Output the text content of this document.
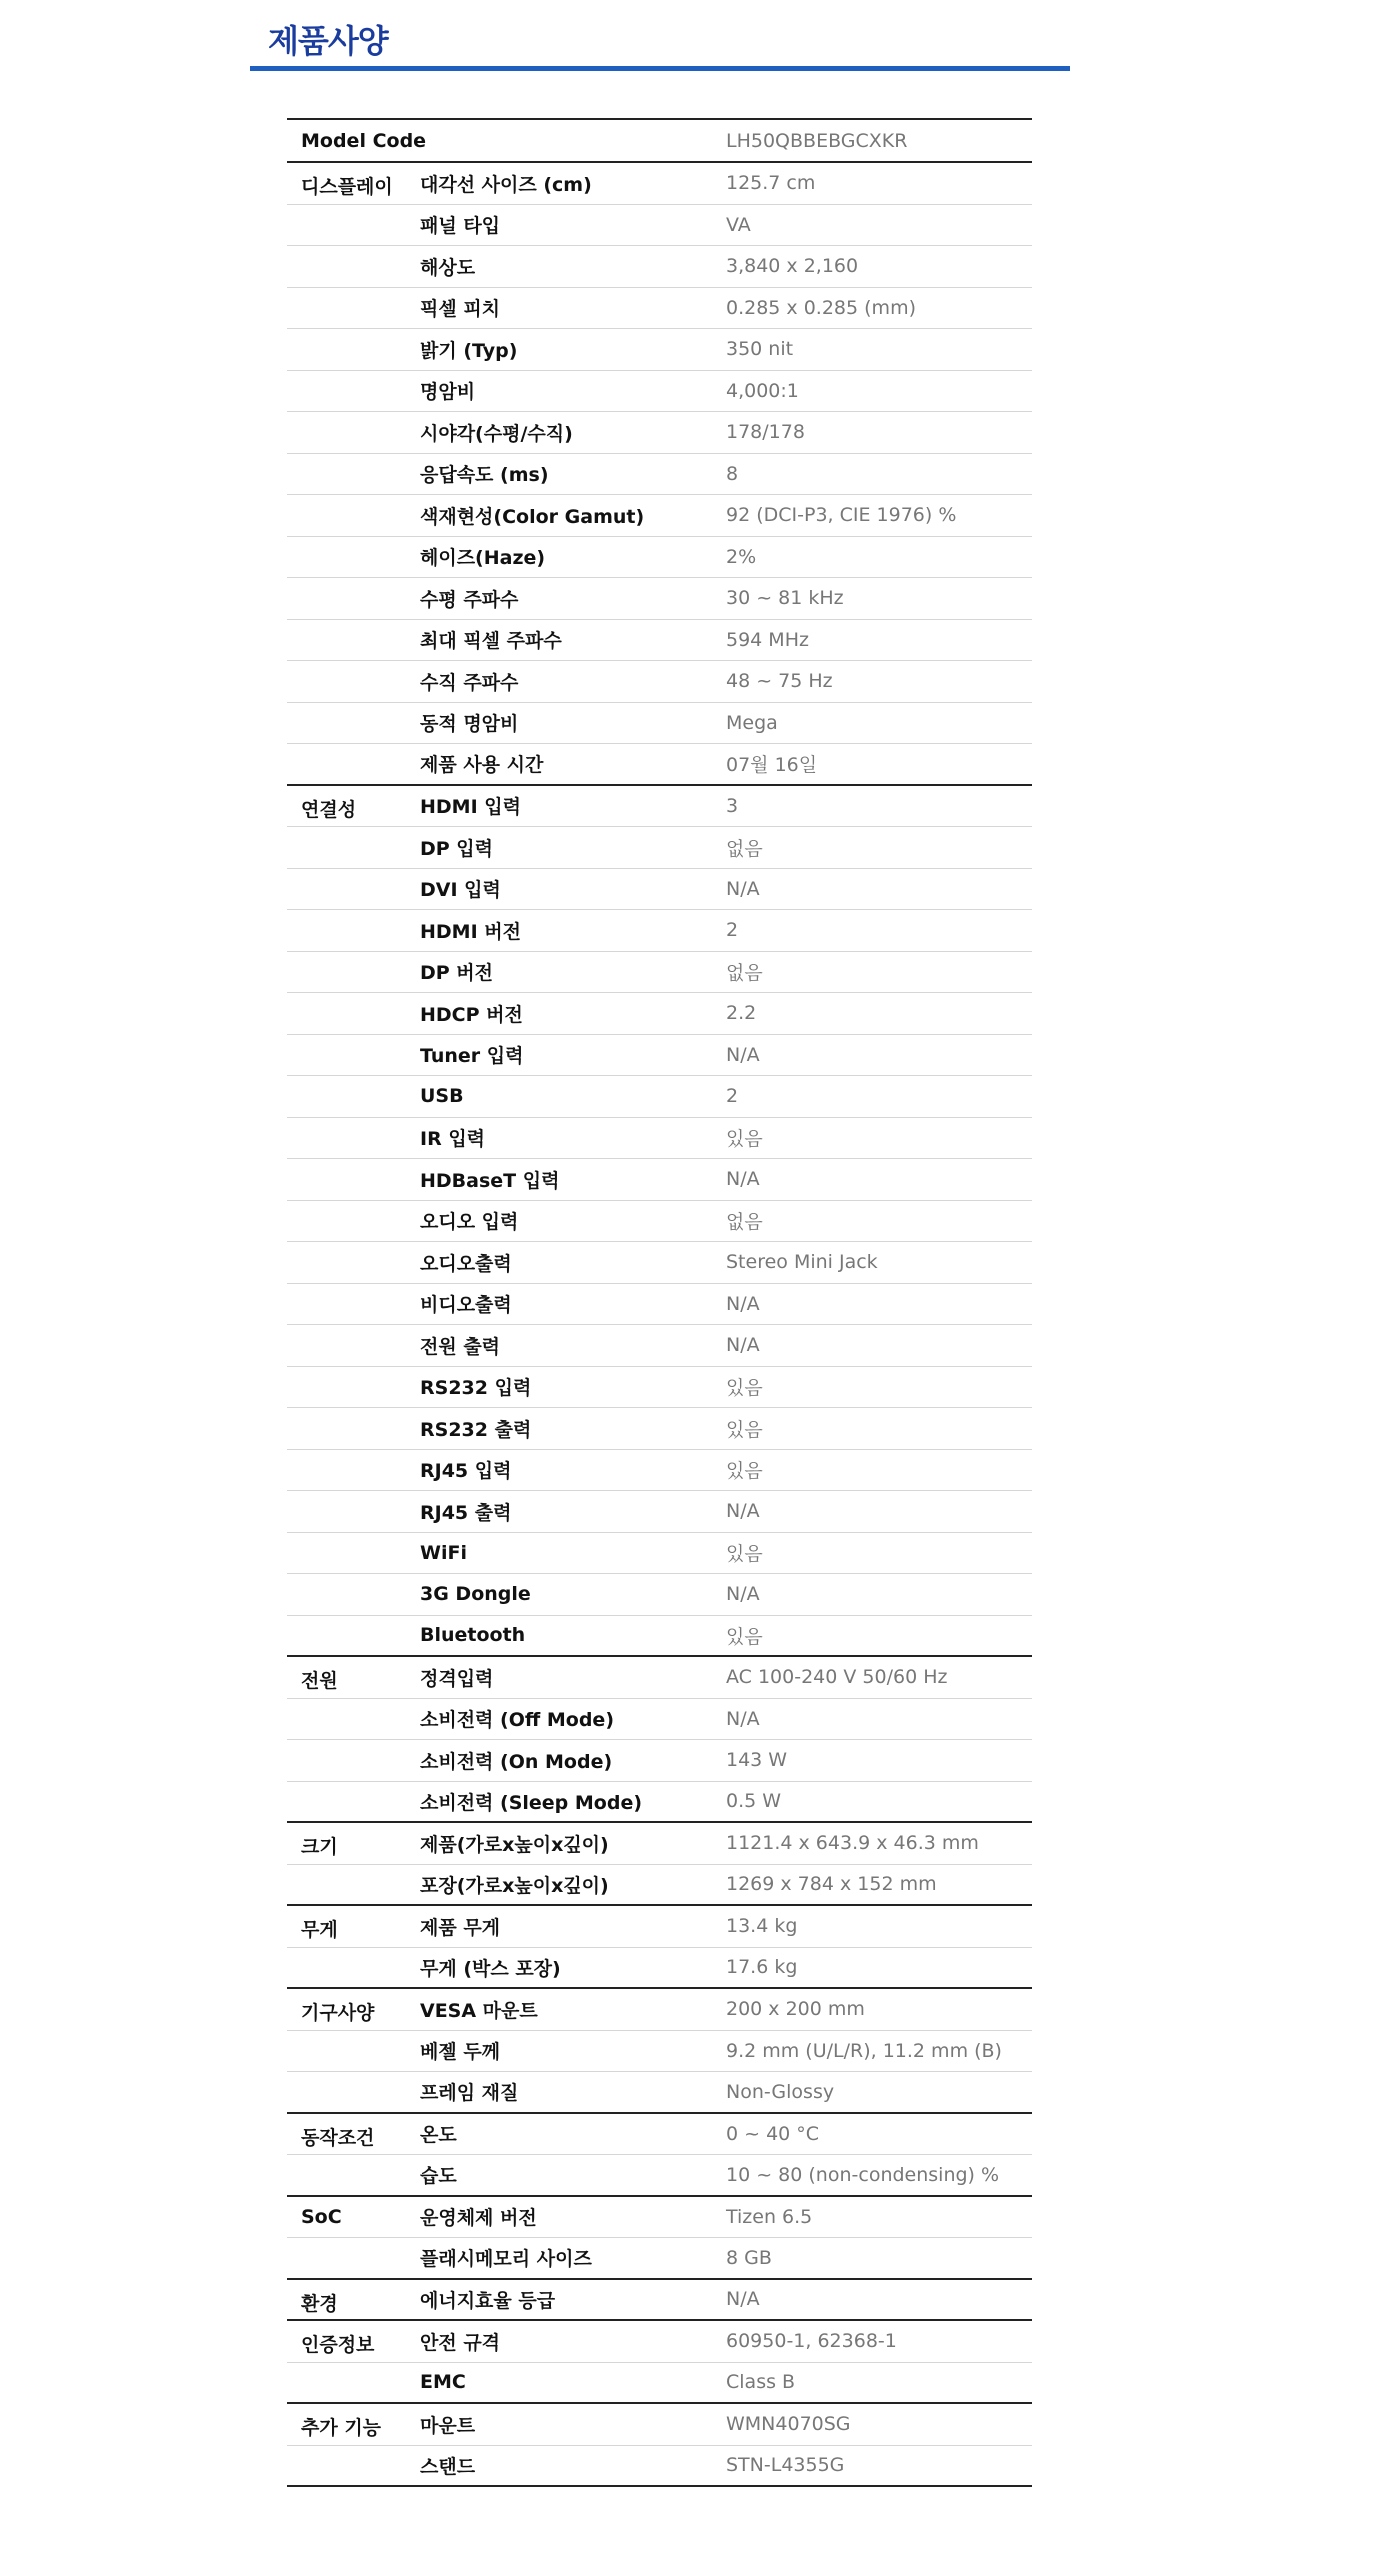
제품사양
Model Code	LH50QBBEBGCXKR
디스플레이	대각선 사이즈 (cm)	125.7 cm
패널 타입	VA
해상도	3,840 x 2,160
픽셀 피치	0.285 x 0.285 (mm)
밝기 (Typ)	350 nit
명암비	4,000:1
시야각(수평/수직)	178/178
응답속도 (ms)	8
색재현성(Color Gamut)	92 (DCI-P3, CIE 1976) %
헤이즈(Haze)	2%
수평 주파수	30 ~ 81 kHz
최대 픽셀 주파수	594 MHz
수직 주파수	48 ~ 75 Hz
동적 명암비	Mega
제품 사용 시간	07월 16일
연결성	HDMI 입력	3
DP 입력	없음
DVI 입력	N/A
HDMI 버전	2
DP 버전	없음
HDCP 버전	2.2
Tuner 입력	N/A
USB	2
IR 입력	있음
HDBaseT 입력	N/A
오디오 입력	없음
오디오출력	Stereo Mini Jack
비디오출력	N/A
전원 출력	N/A
RS232 입력	있음
RS232 출력	있음
RJ45 입력	있음
RJ45 출력	N/A
WiFi	있음
3G Dongle	N/A
Bluetooth	있음
전원	정격입력	AC 100-240 V 50/60 Hz
소비전력 (Off Mode)	N/A
소비전력 (On Mode)	143 W
소비전력 (Sleep Mode)	0.5 W
크기	제품(가로x높이x깊이)	1121.4 x 643.9 x 46.3 mm
포장(가로x높이x깊이)	1269 x 784 x 152 mm
무게	제품 무게	13.4 kg
무게 (박스 포장)	17.6 kg
기구사양	VESA 마운트	200 x 200 mm
베젤 두께	9.2 mm (U/L/R), 11.2 mm (B)
프레임 재질	Non-Glossy
동작조건	온도	0 ~ 40 °C
습도	10 ~ 80 (non-condensing) %
SoC	운영체제 버전	Tizen 6.5
플래시메모리 사이즈	8 GB
환경	에너지효율 등급	N/A
인증정보	안전 규격	60950-1, 62368-1
EMC	Class B
추가 기능	마운트	WMN4070SG
스탠드	STN-L4355G
